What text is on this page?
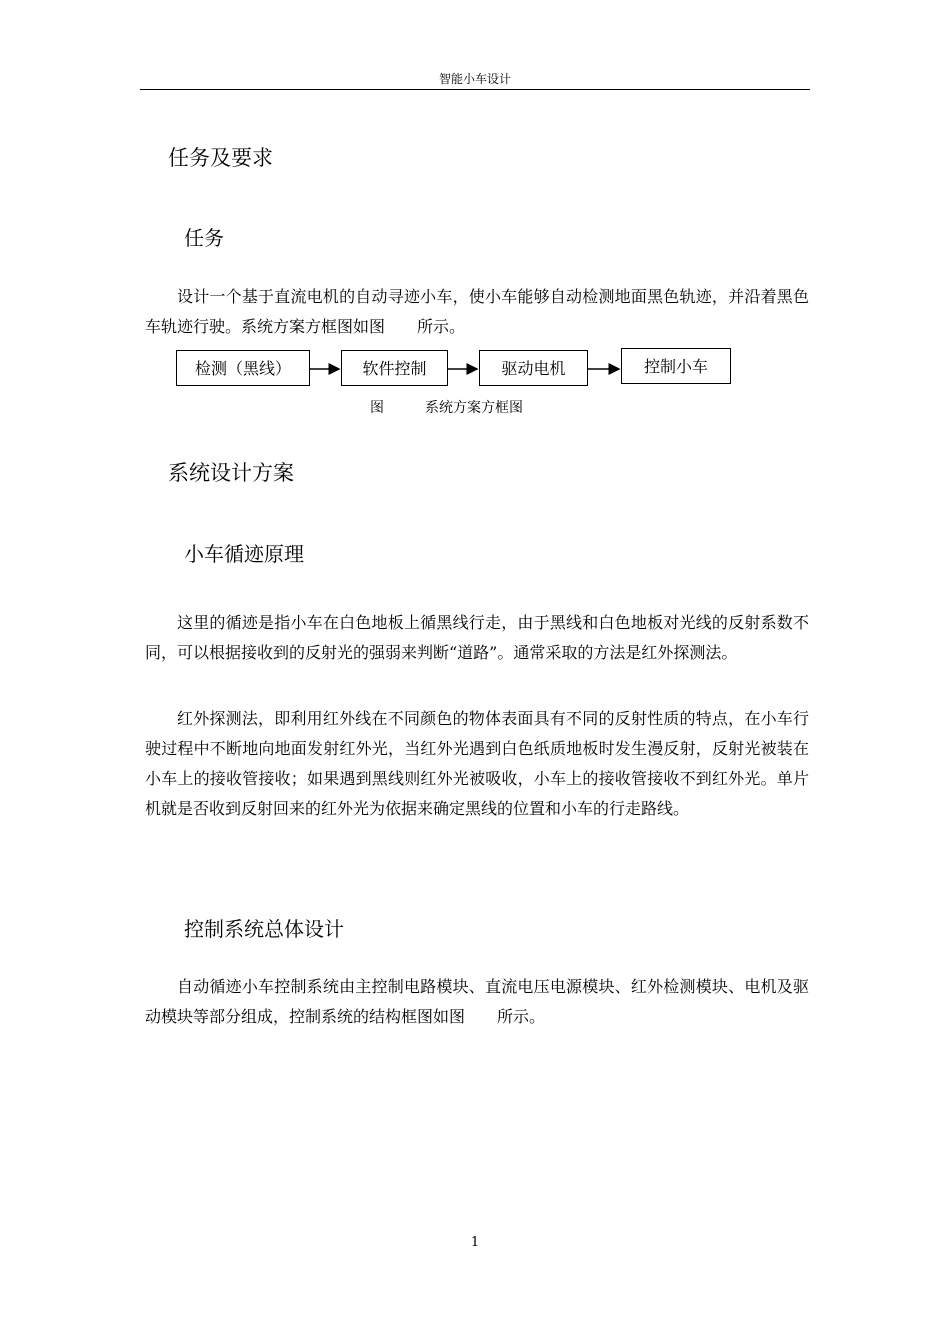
智能小车设计
任务及要求
任务

设计一个基于直流电机的自动寻迹小车，使小车能够自动检测地面黑色轨迹，并沿着黑色车轨迹行驶。系统方案方框图如图　　所示。

检测（黑线）	软件控制	驱动电机	控制小车
图	系统方案方框图
系统设计方案
小车循迹原理

这里的循迹是指小车在白色地板上循黑线行走，由于黑线和白色地板对光线的反射系数不同，可以根据接收到的反射光的强弱来判断“道路”。通常采取的方法是红外探测法。

红外探测法，即利用红外线在不同颜色的物体表面具有不同的反射性质的特点，在小车行驶过程中不断地向地面发射红外光，当红外光遇到白色纸质地板时发生漫反射，反射光被装在小车上的接收管接收；如果遇到黑线则红外光被吸收，小车上的接收管接收不到红外光。单片机就是否收到反射回来的红外光为依据来确定黑线的位置和小车的行走路线。

控制系统总体设计

自动循迹小车控制系统由主控制电路模块、直流电压电源模块、红外检测模块、电机及驱动模块等部分组成，控制系统的结构框图如图　　所示。

1
